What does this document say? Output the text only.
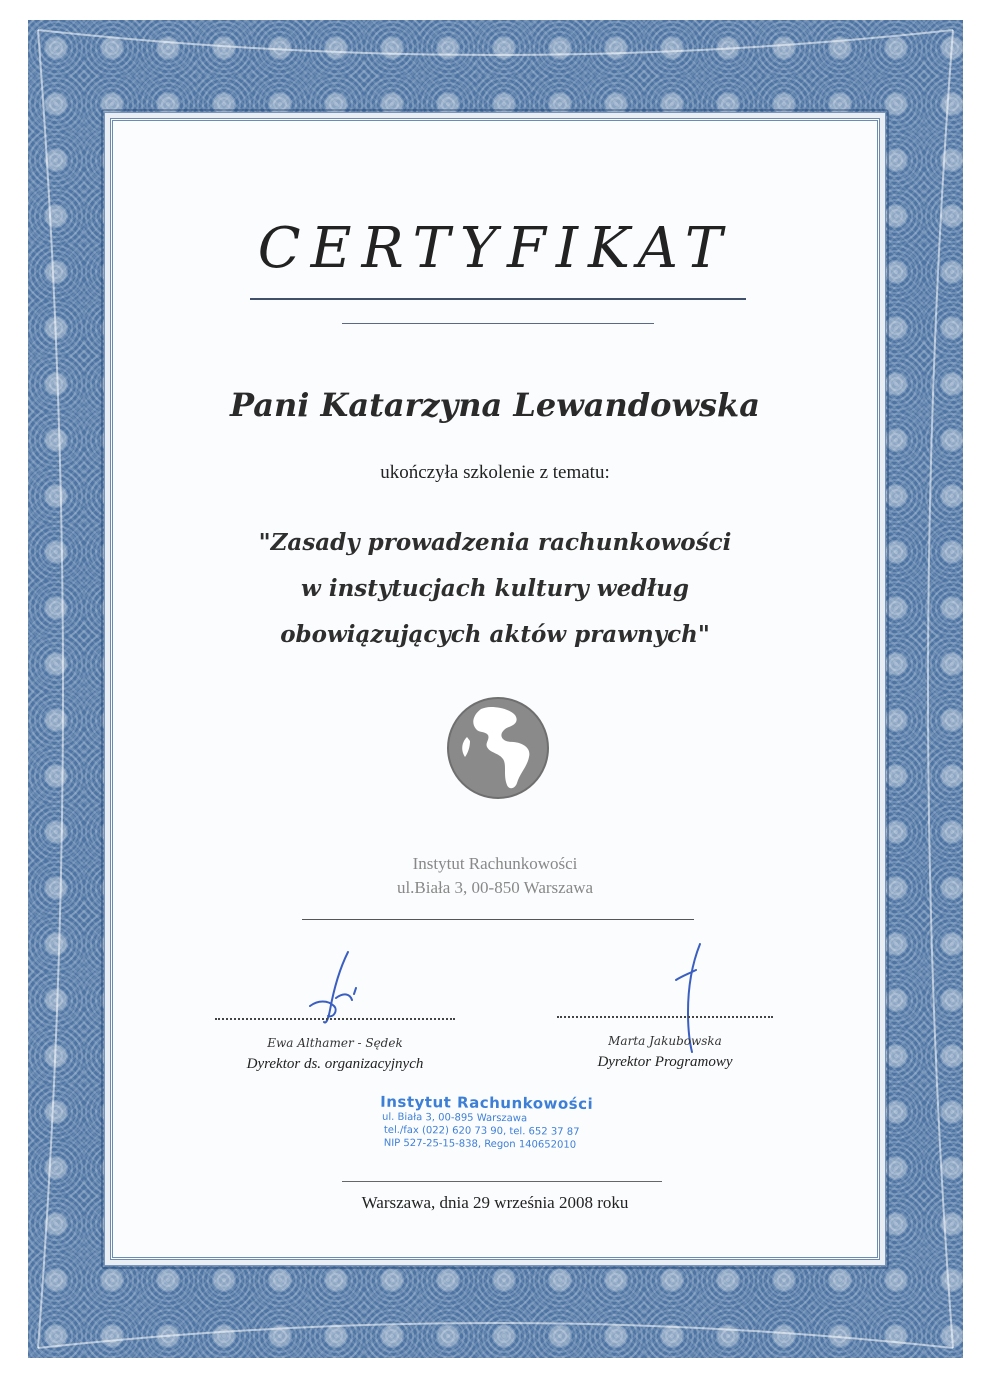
CERTYFIKAT
Pani Katarzyna Lewandowska
ukończyła szkolenie z tematu:
"Zasady prowadzenia rachunkowości
w instytucjach kultury według
obowiązujących aktów prawnych"
Instytut Rachunkowości
ul.Biała 3, 00-850 Warszawa
Ewa Althamer - Sędek
Dyrektor ds. organizacyjnych
Marta Jakubowska
Dyrektor Programowy
Instytut Rachunkowości
ul. Biała 3, 00-895 Warszawa
tel./fax (022) 620 73 90, tel. 652 37 87
NIP 527-25-15-838, Regon 140652010
Warszawa, dnia 29 września 2008 roku
